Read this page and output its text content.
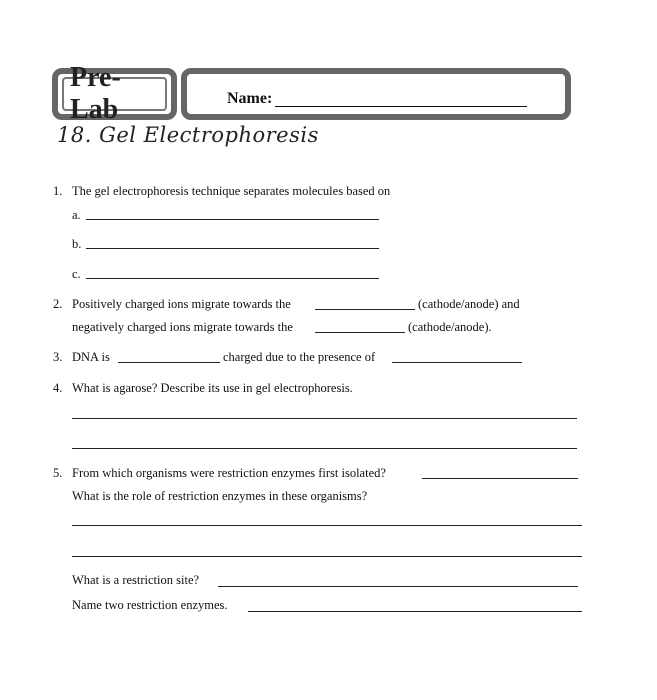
Pre-Lab	Name:
18. Gel Electrophoresis
1. The gel electrophoresis technique separates molecules based on
a.
b.
c.
2. Positively charged ions migrate towards the	(cathode/anode) and
negatively charged ions migrate towards the	(cathode/anode).
3. DNA is	charged due to the presence of
4. What is agarose? Describe its use in gel electrophoresis.
5. From which organisms were restriction enzymes first isolated?
What is the role of restriction enzymes in these organisms?
What is a restriction site?
Name two restriction enzymes.
